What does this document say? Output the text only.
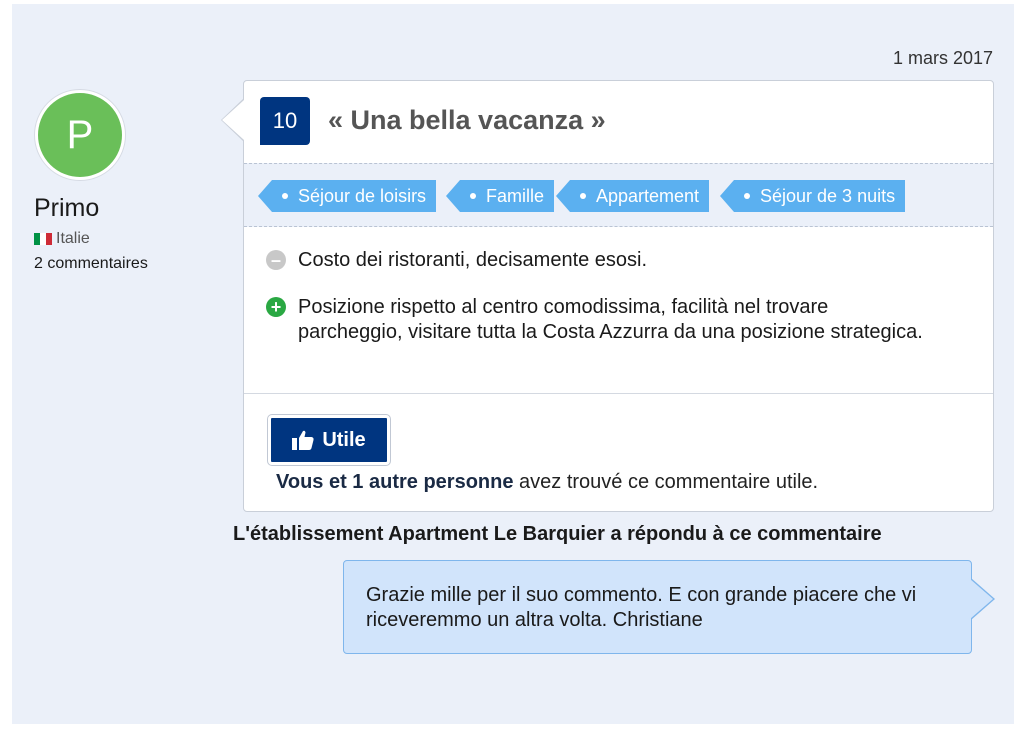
1 mars 2017
P
Primo
Italie
2 commentaires
10	« Una bella vacanza »
Séjour de loisirs	Famille	Appartement	Séjour de 3 nuits
– Costo dei ristoranti, decisamente esosi.
+ Posizione rispetto al centro comodissima, facilità nel trovare parcheggio, visitare tutta la Costa Azzurra da una posizione strategica.
Utile
Vous et 1 autre personne avez trouvé ce commentaire utile.
L'établissement Apartment Le Barquier a répondu à ce commentaire
Grazie mille per il suo commento. E con grande piacere che vi riceveremmo un altra volta. Christiane
